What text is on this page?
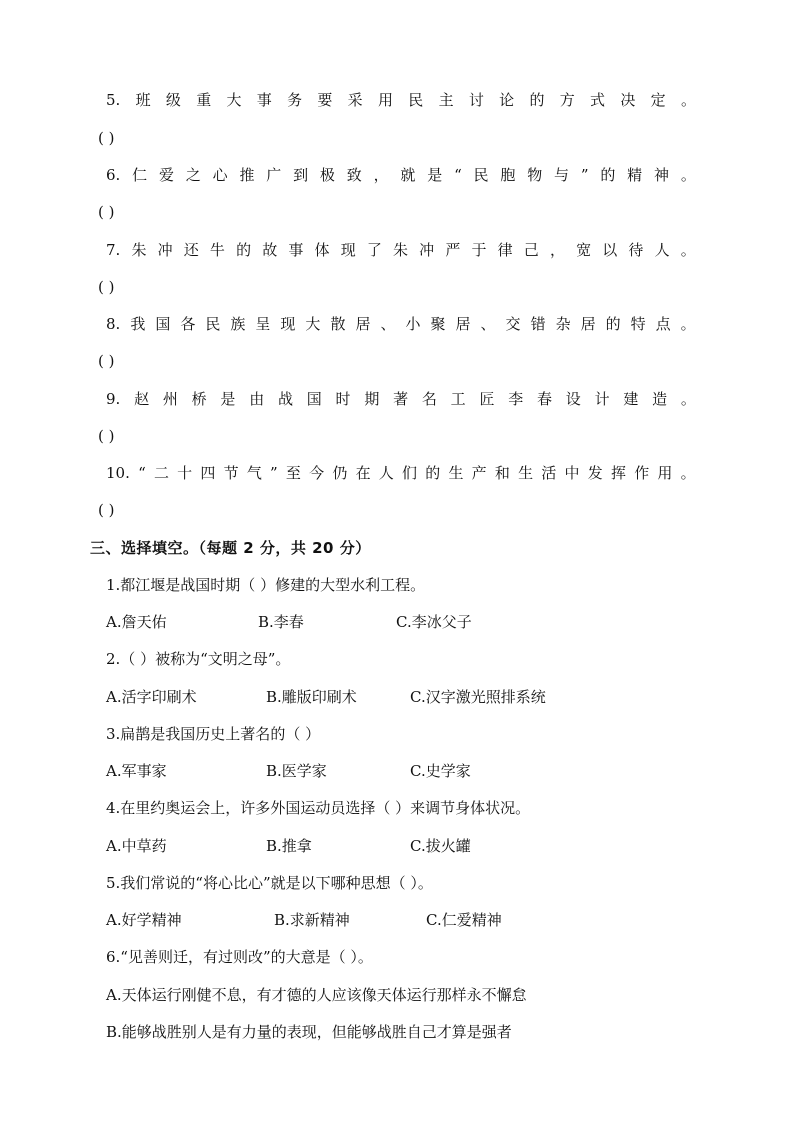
5. 班 级 重 大 事 务 要 采 用 民 主 讨 论 的 方 式 决 定 。
( )
6. 仁 爱 之 心 推 广 到 极 致 ， 就 是 “ 民 胞 物 与 ” 的 精 神 。
( )
7. 朱 冲 还 牛 的 故 事 体 现 了 朱 冲 严 于 律 己 ， 宽 以 待 人 。
( )
8. 我 国 各 民 族 呈 现 大 散 居 、 小 聚 居 、 交 错 杂 居 的 特 点 。
( )
9. 赵 州 桥 是 由 战 国 时 期 著 名 工 匠 李 春 设 计 建 造 。
( )
10. “ 二 十 四 节 气 ” 至 今 仍 在 人 们 的 生 产 和 生 活 中 发 挥 作 用 。
( )
三、选择填空。（每题 2 分，共 20 分）
1.都江堰是战国时期（ ）修建的大型水利工程。
A.詹天佑	B.李春	C.李冰父子
2.（ ）被称为“文明之母”。
A.活字印刷术	B.雕版印刷术	C.汉字激光照排系统
3.扁鹊是我国历史上著名的（ ）
A.军事家	B.医学家	C.史学家
4.在里约奥运会上，许多外国运动员选择（ ）来调节身体状况。
A.中草药	B.推拿	C.拔火罐
5.我们常说的“将心比心”就是以下哪种思想（ ）。
A.好学精神	B.求新精神	C.仁爱精神
6.“见善则迁，有过则改”的大意是（ ）。
A.天体运行刚健不息，有才德的人应该像天体运行那样永不懈怠
B.能够战胜别人是有力量的表现，但能够战胜自己才算是强者
